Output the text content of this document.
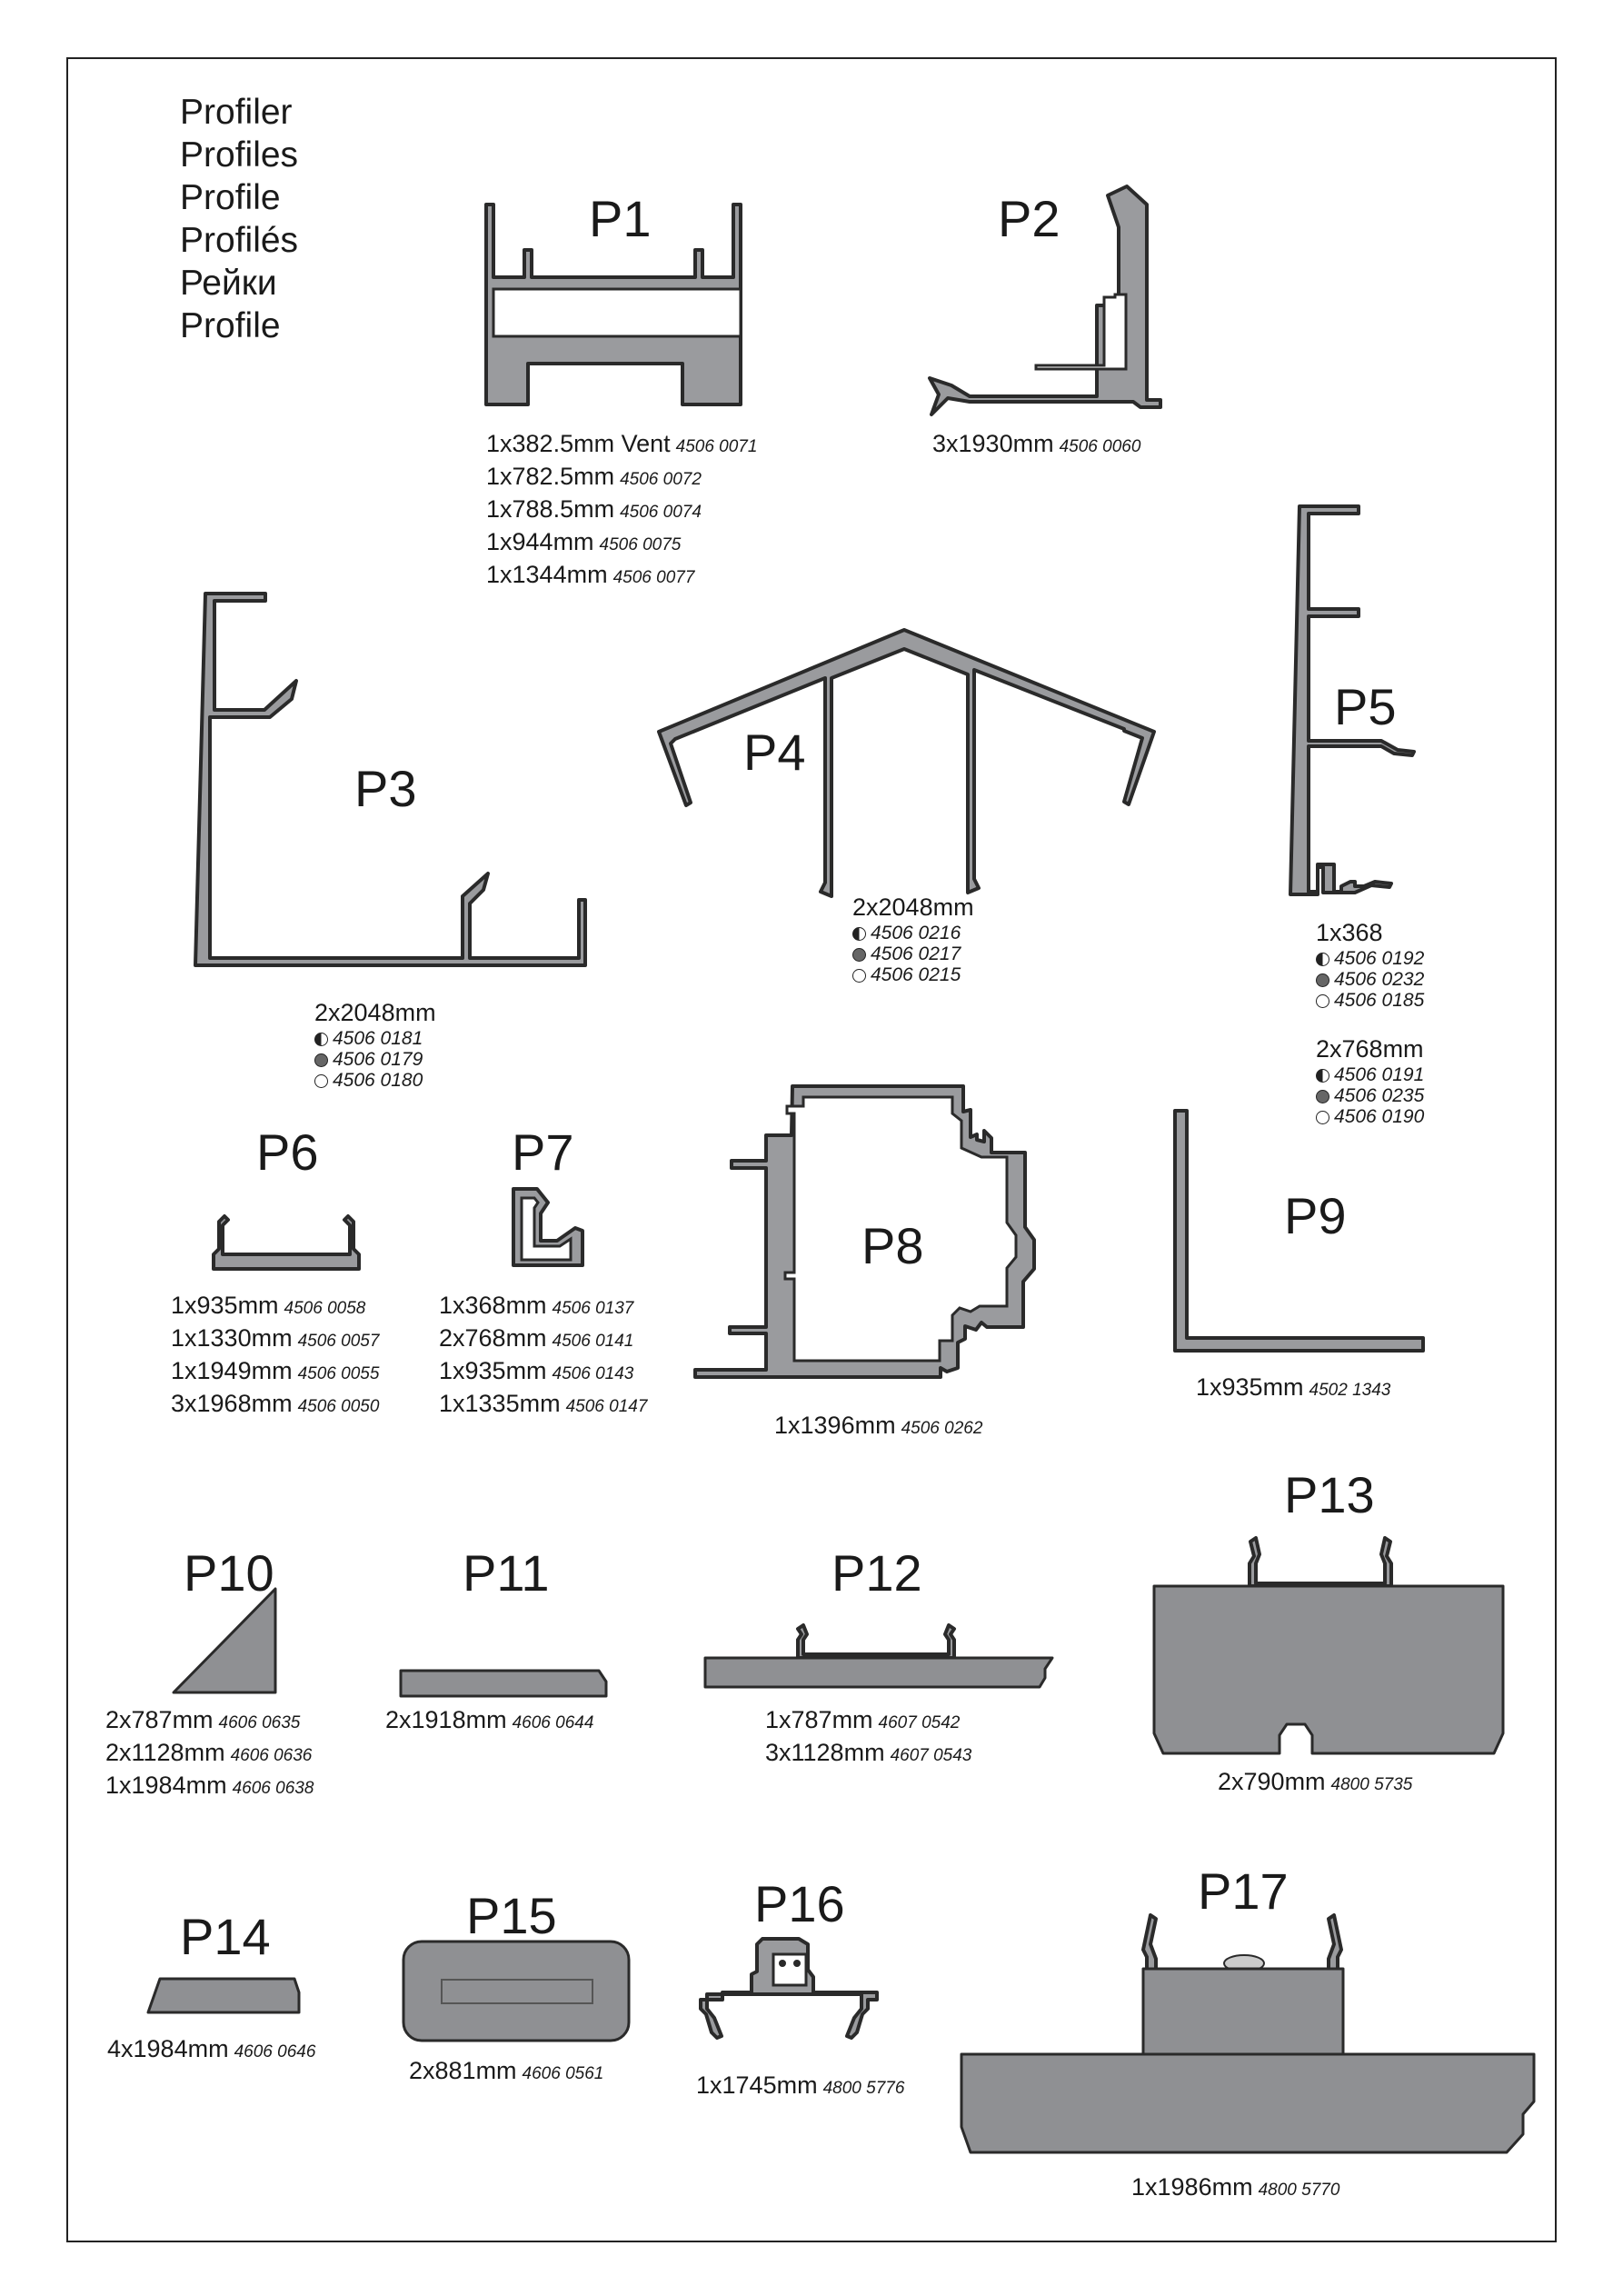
Profiler
Profiles
Profile
Profilés
Рейки
Profile
P1	P2
P3
P4
P5
P6	P7
P8
P9
P10	P11	P12
P13
P14	P15	P16	P17
1x382.5mm Vent 4506 0071
1x782.5mm 4506 0072
1x788.5mm 4506 0074
1x944mm 4506 0075
1x1344mm 4506 0077
3x1930mm 4506 0060
1x935mm 4506 0058
1x1330mm 4506 0057
1x1949mm 4506 0055
3x1968mm 4506 0050
1x368mm 4506 0137
2x768mm 4506 0141
1x935mm 4506 0143
1x1335mm 4506 0147
1x1396mm 4506 0262
1x935mm 4502 1343
2x787mm 4606 0635
2x1128mm 4606 0636
1x1984mm 4606 0638
2x1918mm 4606 0644	1x787mm 4607 0542
3x1128mm 4607 0543
2x790mm 4800 5735
4x1984mm 4606 0646
2x881mm 4606 0561	1x1745mm 4800 5776
1x1986mm 4800 5770
2x2048mm
4506 0181
4506 0179
4506 0180
2x2048mm
4506 0216
4506 0217
4506 0215
1x368
4506 0192
4506 0232
4506 0185
2x768mm
4506 0191
4506 0235
4506 0190
